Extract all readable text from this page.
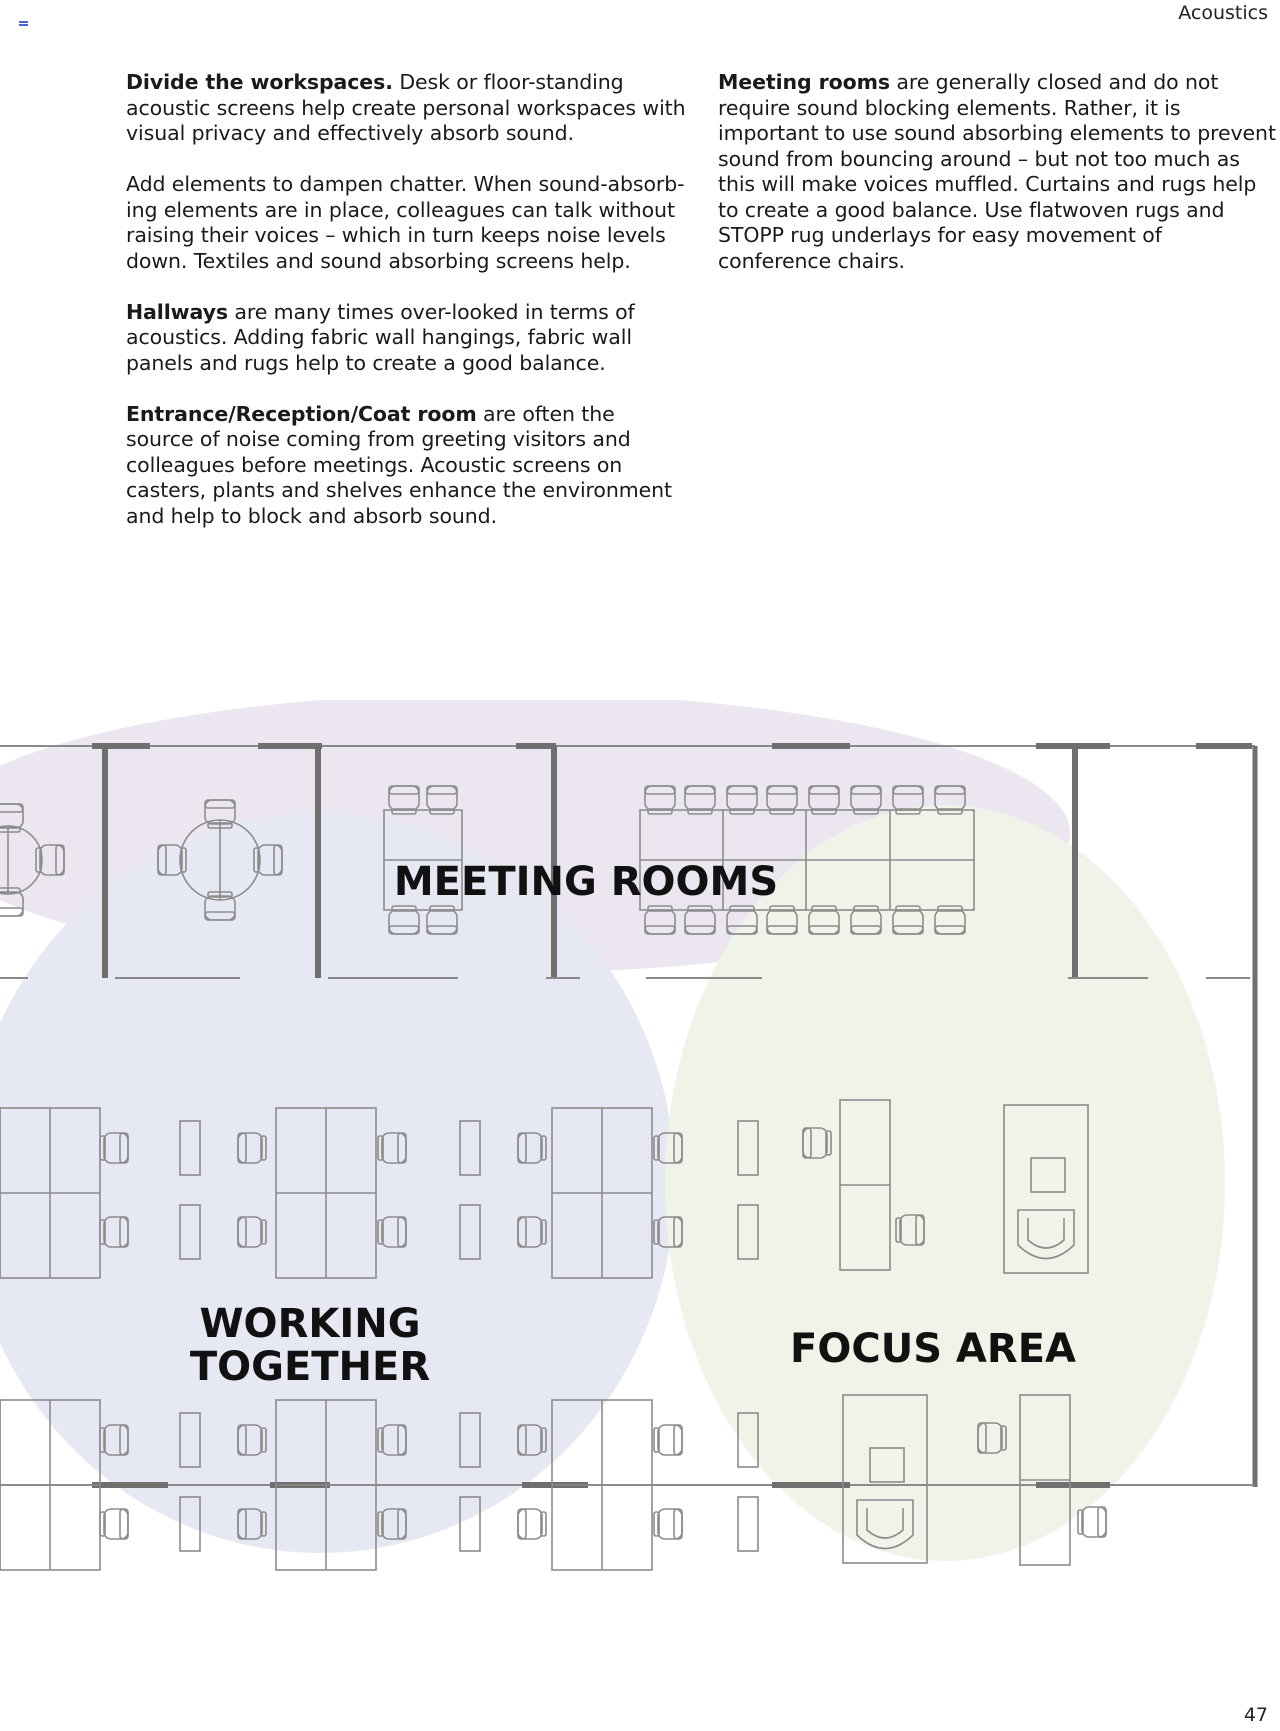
Acoustics

Divide the workspaces. Desk or floor-standing acoustic screens help create personal workspaces with visual privacy and effectively absorb sound.

Add elements to dampen chatter. When sound-absorb-ing elements are in place, colleagues can talk without raising their voices – which in turn keeps noise levels down. Textiles and sound absorbing screens help.

Hallways are many times over-looked in terms of acoustics. Adding fabric wall hangings, fabric wall panels and rugs help to create a good balance.

Entrance/Reception/Coat room are often the source of noise coming from greeting visitors and colleagues before meetings. Acoustic screens on casters, plants and shelves enhance the environment and help to block and absorb sound.

Meeting rooms are generally closed and do not require sound blocking elements. Rather, it is important to use sound absorbing elements to prevent sound from bouncing around – but not too much as this will make voices muffled. Curtains and rugs help to create a good balance. Use flatwoven rugs and STOPP rug underlays for easy movement of conference chairs.

MEETING ROOMS
WORKING
TOGETHER	FOCUS AREA
47
